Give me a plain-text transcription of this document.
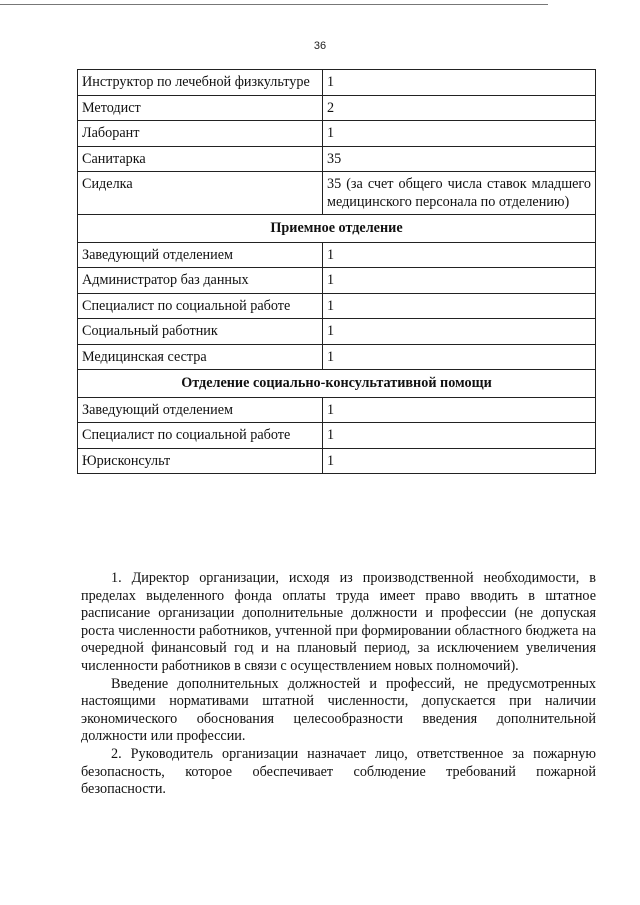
36
Инструктор по лечебной физкультуре	1
Методист	2
Лаборант	1
Санитарка	35
Сиделка	35 (за счет общего числа ставок младшего медицинского персонала по отделению)
Приемное отделение	
Заведующий отделением	1
Администратор баз данных	1
Специалист по социальной работе	1
Социальный работник	1
Медицинская сестра	1
Отделение социально-консультативной помощи	
Заведующий отделением	1
Специалист по социальной работе	1
Юрисконсульт	1

1. Директор организации, исходя из производственной необходимости, в пределах выделенного фонда оплаты труда имеет право вводить в штатное расписание организации дополнительные должности и профессии (не допуская роста численности работников, учтенной при формировании областного бюджета на очередной финансовый год и на плановый период, за исключением увеличения численности работников в связи с осуществлением новых полномочий).

Введение дополнительных должностей и профессий, не предусмотренных настоящими нормативами штатной численности, допускается при наличии экономического обоснования целесообразности введения дополнительной должности или профессии.

2. Руководитель организации назначает лицо, ответственное за пожарную безопасность, которое обеспечивает соблюдение требований пожарной безопасности.
